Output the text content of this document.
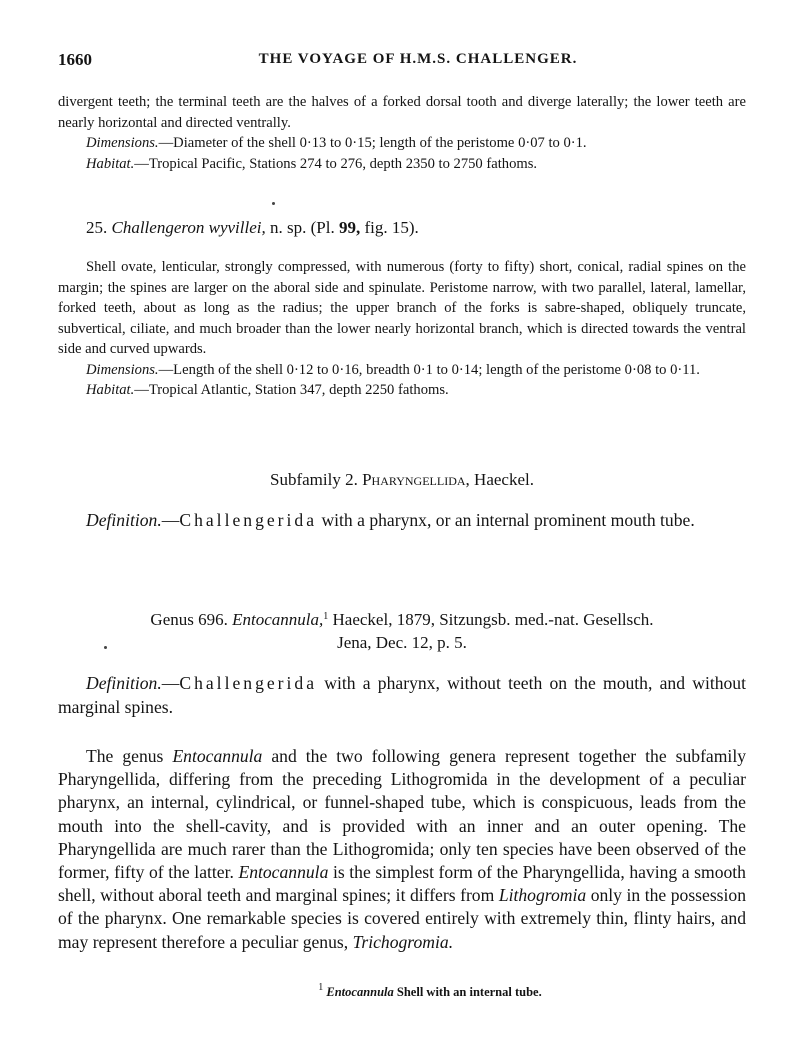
1660	THE VOYAGE OF H.M.S. CHALLENGER.

divergent teeth; the terminal teeth are the halves of a forked dorsal tooth and diverge laterally; the lower teeth are nearly horizontal and directed ventrally.

Dimensions.—Diameter of the shell 0·13 to 0·15; length of the peristome 0·07 to 0·1.

Habitat.—Tropical Pacific, Stations 274 to 276, depth 2350 to 2750 fathoms.

25. Challengeron wyvillei, n. sp. (Pl. 99, fig. 15).

Shell ovate, lenticular, strongly compressed, with numerous (forty to fifty) short, conical, radial spines on the margin; the spines are larger on the aboral side and spinulate. Peristome narrow, with two parallel, lateral, lamellar, forked teeth, about as long as the radius; the upper branch of the forks is sabre-shaped, obliquely truncate, subvertical, ciliate, and much broader than the lower nearly horizontal branch, which is directed towards the ventral side and curved upwards.

Dimensions.—Length of the shell 0·12 to 0·16, breadth 0·1 to 0·14; length of the peristome 0·08 to 0·11.

Habitat.—Tropical Atlantic, Station 347, depth 2250 fathoms.

Subfamily 2. Pharyngellida, Haeckel.

Definition.—Challengerida with a pharynx, or an internal prominent mouth tube.

Genus 696. Entocannula,$^1$ Haeckel, 1879, Sitzungsb. med.-nat. Gesellsch.
Jena, Dec. 12, p. 5.

Definition.—Challengerida with a pharynx, without teeth on the mouth, and without marginal spines.

The genus Entocannula and the two following genera represent together the subfamily Pharyngellida, differing from the preceding Lithogromida in the development of a peculiar pharynx, an internal, cylindrical, or funnel-shaped tube, which is conspicuous, leads from the mouth into the shell-cavity, and is provided with an inner and an outer opening. The Pharyngellida are much rarer than the Lithogromida; only ten species have been observed of the former, fifty of the latter. Entocannula is the simplest form of the Pharyngellida, having a smooth shell, without aboral teeth and marginal spines; it differs from Lithogromia only in the possession of the pharynx. One remarkable species is covered entirely with extremely thin, flinty hairs, and may represent therefore a peculiar genus, Trichogromia.

$^1$ Entocannula Shell with an internal tube.
